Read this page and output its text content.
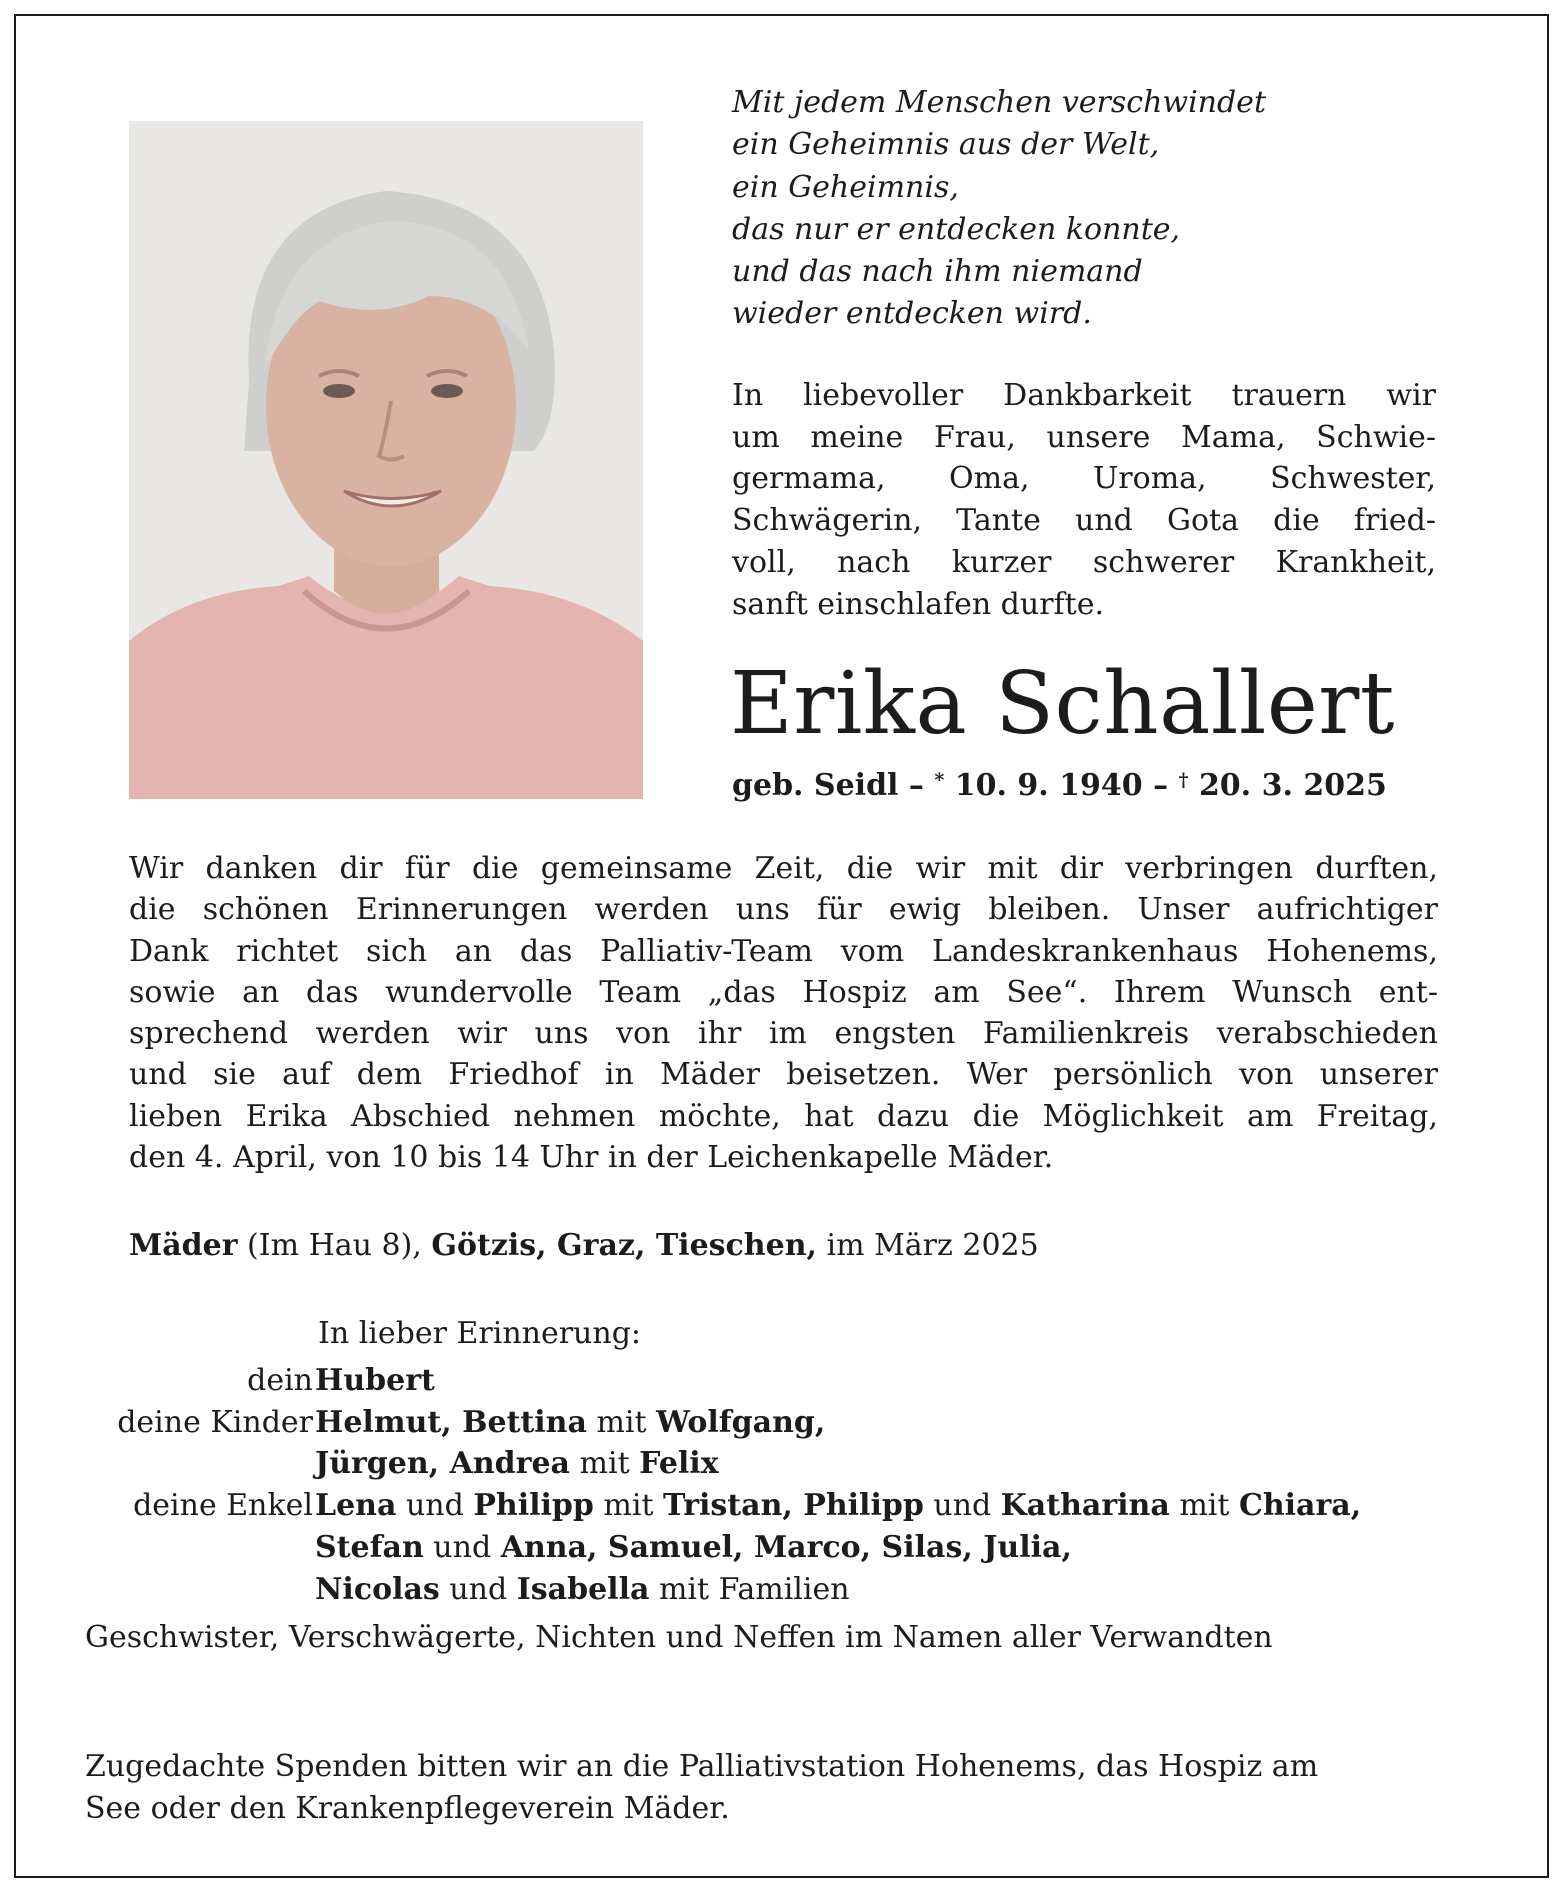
Mit jedem Menschen verschwindet
ein Geheimnis aus der Welt,
ein Geheimnis,
das nur er entdecken konnte,
und das nach ihm niemand
wieder entdecken wird.
In liebevoller Dankbarkeit trauern wir
um meine Frau, unsere Mama, Schwie-
germama, Oma, Uroma, Schwester,
Schwägerin, Tante und Gota die fried-
voll, nach kurzer schwerer Krankheit,
sanft einschlafen durfte.
Erika Schallert
geb. Seidl – * 10. 9. 1940 – † 20. 3. 2025
Wir danken dir für die gemeinsame Zeit, die wir mit dir verbringen durften,
die schönen Erinnerungen werden uns für ewig bleiben. Unser aufrichtiger
Dank richtet sich an das Palliativ-Team vom Landeskrankenhaus Hohenems,
sowie an das wundervolle Team „das Hospiz am See“. Ihrem Wunsch ent-
sprechend werden wir uns von ihr im engsten Familienkreis verabschieden
und sie auf dem Friedhof in Mäder beisetzen. Wer persönlich von unserer
lieben Erika Abschied nehmen möchte, hat dazu die Möglichkeit am Freitag,
den 4. April, von 10 bis 14 Uhr in der Leichenkapelle Mäder.
Mäder (Im Hau 8), Götzis, Graz, Tieschen, im März 2025
In lieber Erinnerung:
dein Hubert
deine Kinder Helmut, Bettina mit Wolfgang,
Jürgen, Andrea mit Felix
deine Enkel Lena und Philipp mit Tristan, Philipp und Katharina mit Chiara,
Stefan und Anna, Samuel, Marco, Silas, Julia,
Nicolas und Isabella mit Familien
Geschwister, Verschwägerte, Nichten und Neffen im Namen aller Verwandten
Zugedachte Spenden bitten wir an die Palliativstation Hohenems, das Hospiz am
See oder den Krankenpflegeverein Mäder.
